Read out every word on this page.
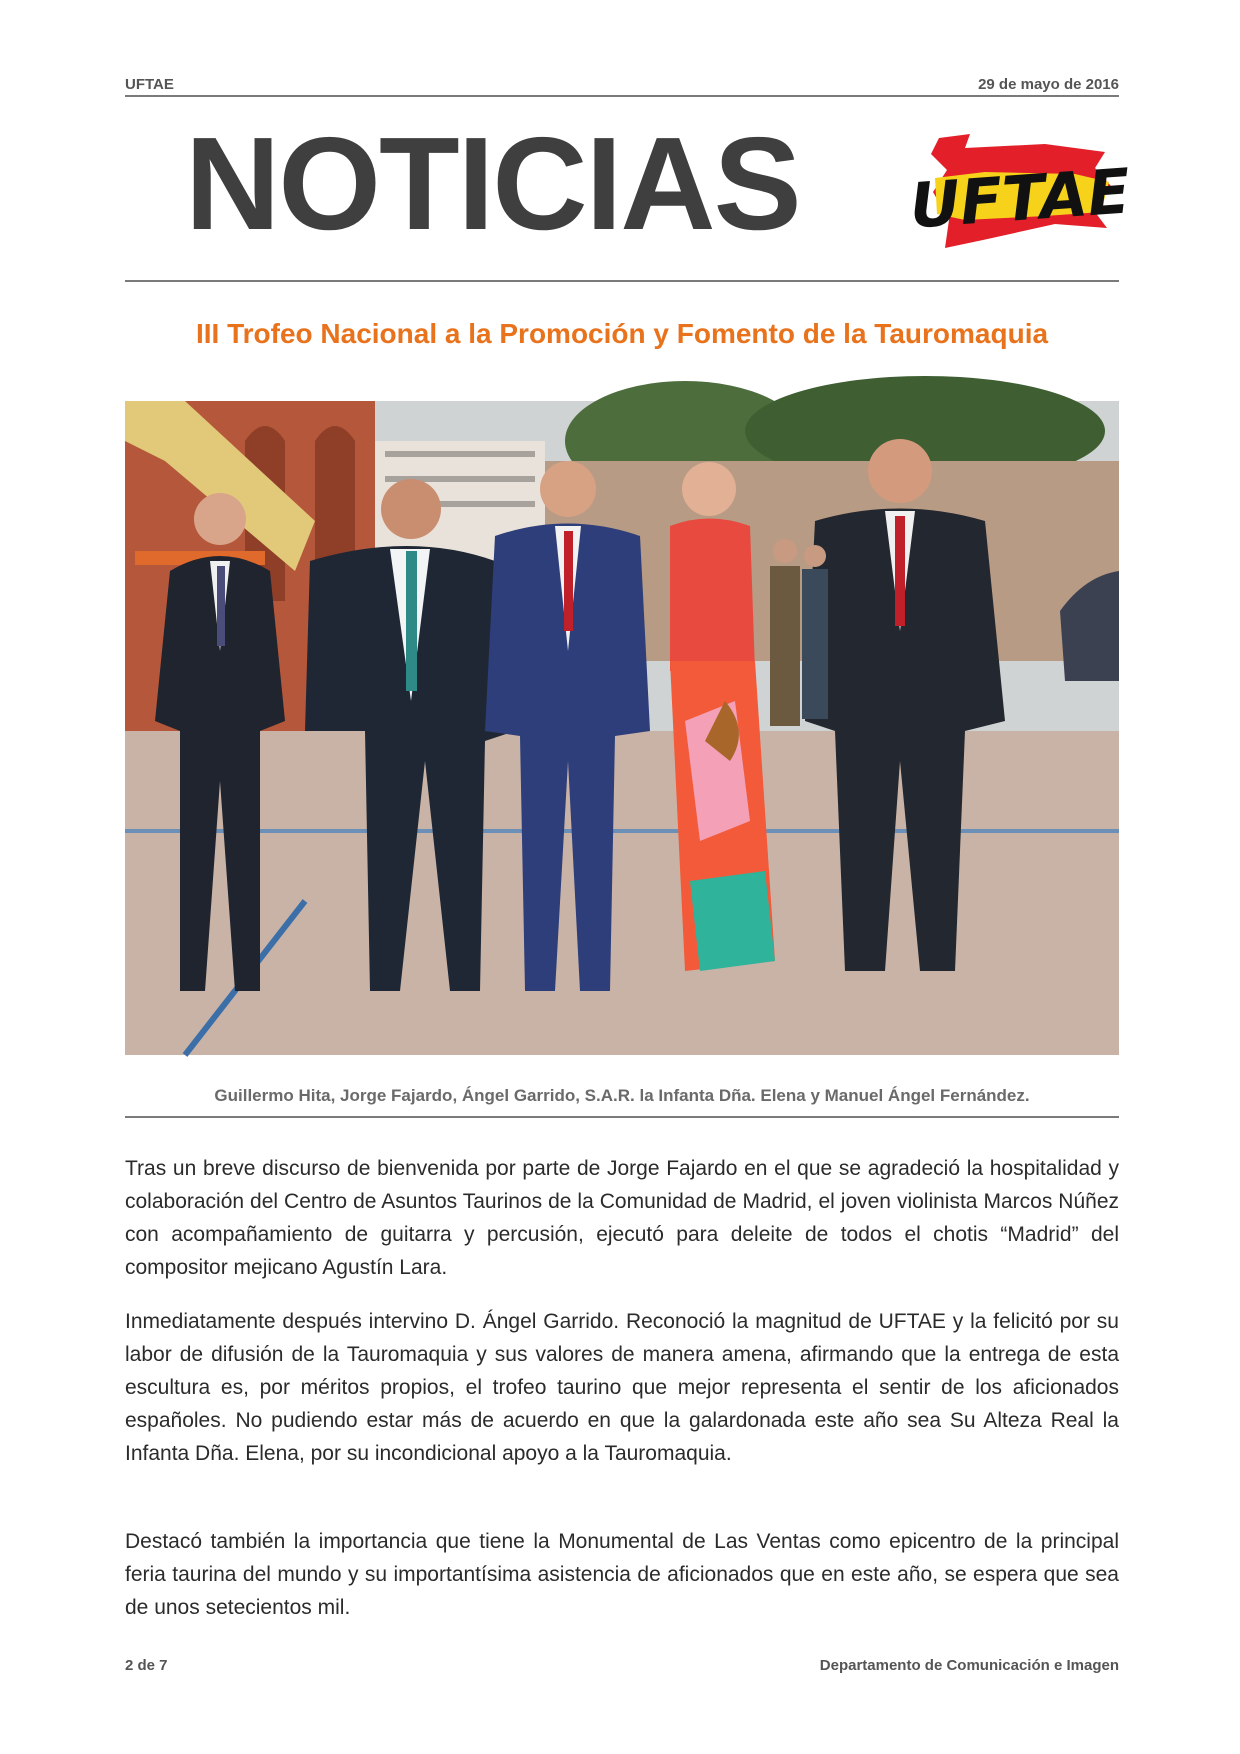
UFTAE	29 de mayo de 2016
NOTICIAS UFTAE
III Trofeo Nacional a la Promoción y Fomento de la Tauromaquia
Guillermo Hita, Jorge Fajardo, Ángel Garrido, S.A.R. la Infanta Dña. Elena y Manuel Ángel Fernández.

Tras un breve discurso de bienvenida por parte de Jorge Fajardo en el que se agradeció la hospitalidad y colaboración del Centro de Asuntos Taurinos de la Comunidad de Madrid, el joven violinista Marcos Núñez con acompañamiento de guitarra y percusión, ejecutó para deleite de todos el chotis “Madrid” del compositor mejicano Agustín Lara.

Inmediatamente después intervino D. Ángel Garrido. Reconoció la magnitud de UFTAE y la felicitó por su labor de difusión de la Tauromaquia y sus valores de manera amena, afirmando que la entrega de esta escultura es, por méritos propios, el trofeo taurino que mejor representa el sentir de los aficionados españoles. No pudiendo estar más de acuerdo en que la galardonada este año sea Su Alteza Real la Infanta Dña. Elena, por su incondicional apoyo a la Tauromaquia.

Destacó también la importancia que tiene la Monumental de Las Ventas como epicentro de la principal feria taurina del mundo y su importantísima asistencia de aficionados que en este año, se espera que sea de unos setecientos mil.

2 de 7	Departamento de Comunicación e Imagen
